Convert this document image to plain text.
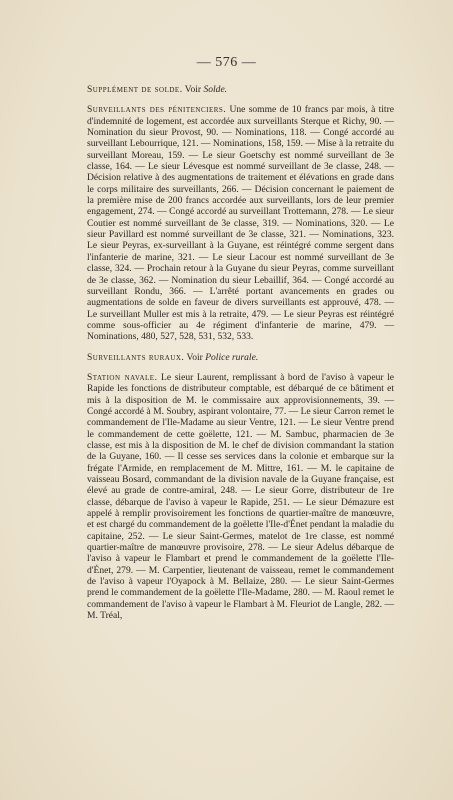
— 576 —

Supplément de solde. Voir Solde.

Surveillants des pénitenciers. Une somme de 10 francs par mois, à titre d'indemnité de logement, est accordée aux surveillants Sterque et Richy, 90. — Nomination du sieur Provost, 90. — Nominations, 118. — Congé accordé au surveillant Lebourrique, 121. — Nominations, 158, 159. — Mise à la retraite du surveillant Moreau, 159. — Le sieur Goetschy est nommé surveillant de 3e classe, 164. — Le sieur Lévesque est nommé surveillant de 3e classe, 248. — Décision relative à des augmentations de traitement et élévations en grade dans le corps militaire des surveillants, 266. — Décision concernant le paiement de la première mise de 200 francs accordée aux surveillants, lors de leur premier engagement, 274. — Congé accordé au surveillant Trottemann, 278. — Le sieur Coutier est nommé surveillant de 3e classe, 319. — Nominations, 320. — Le sieur Pavillard est nommé surveillant de 3e classe, 321. — Nominations, 323. Le sieur Peyras, ex-surveillant à la Guyane, est réintégré comme sergent dans l'infanterie de marine, 321. — Le sieur Lacour est nommé surveillant de 3e classe, 324. — Prochain retour à la Guyane du sieur Peyras, comme surveillant de 3e classe, 362. — Nomination du sieur Lebaillif, 364. — Congé accordé au surveillant Rondu, 366. — L'arrêté portant avancements en grades ou augmentations de solde en faveur de divers surveillants est approuvé, 478. — Le surveillant Muller est mis à la retraite, 479. — Le sieur Peyras est réintégré comme sous-officier au 4e régiment d'infanterie de marine, 479. — Nominations, 480, 527, 528, 531, 532, 533.

Surveillants ruraux. Voir Police rurale.

Station navale. Le sieur Laurent, remplissant à bord de l'aviso à vapeur le Rapide les fonctions de distributeur comptable, est débarqué de ce bâtiment et mis à la disposition de M. le commissaire aux approvisionnements, 39. — Congé accordé à M. Soubry, aspirant volontaire, 77. — Le sieur Carron remet le commandement de l'Ile-Madame au sieur Ventre, 121. — Le sieur Ventre prend le commandement de cette goëlette, 121. — M. Sambuc, pharmacien de 3e classe, est mis à la disposition de M. le chef de division commandant la station de la Guyane, 160. — Il cesse ses services dans la colonie et embarque sur la frégate l'Armide, en remplacement de M. Mittre, 161. — M. le capitaine de vaisseau Bosard, commandant de la division navale de la Guyane française, est élevé au grade de contre-amiral, 248. — Le sieur Gorre, distributeur de 1re classe, débarque de l'aviso à vapeur le Rapide, 251. — Le sieur Démazure est appelé à remplir provisoirement les fonctions de quartier-maître de manœuvre, et est chargé du commandement de la goëlette l'Ile-d'Énet pendant la maladie du capitaine, 252. — Le sieur Saint-Germes, matelot de 1re classe, est nommé quartier-maître de manœuvre provisoire, 278. — Le sieur Adelus débarque de l'aviso à vapeur le Flambart et prend le commandement de la goëlette l'Ile-d'Énet, 279. — M. Carpentier, lieutenant de vaisseau, remet le commandement de l'aviso à vapeur l'Oyapock à M. Bellaize, 280. — Le sieur Saint-Germes prend le commandement de la goëlette l'Ile-Madame, 280. — M. Raoul remet le commandement de l'aviso à vapeur le Flambart à M. Fleuriot de Langle, 282. — M. Tréal,
